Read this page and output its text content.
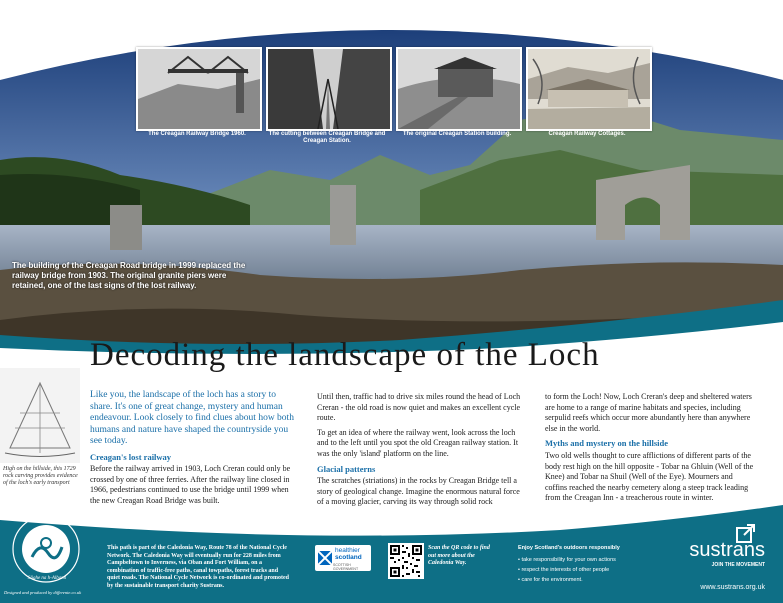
The Creagan Railway Bridge 1960.	The cutting between Creagan Bridge and Creagan Station.
The original Creagan Station building.	Creagan Railway Cottages.
The building of the Creagan Road bridge in 1999 replaced the railway bridge from 1903. The original granite piers were retained, one of the last signs of the lost railway.
High on the hillside, this 1729 rock carving provides evidence of the loch's early transport
Decoding the landscape of the Loch

Like you, the landscape of the loch has a story to share. It's one of great change, mystery and human endeavour. Look closely to find clues about how both humans and nature have shaped the countryside you see today.

Creagan's lost railway

Before the railway arrived in 1903, Loch Creran could only be crossed by one of three ferries. After the railway line closed in 1966, pedestrians continued to use the bridge until 1999 when the new Creagan Road Bridge was built.

Until then, traffic had to drive six miles round the head of Loch Creran - the old road is now quiet and makes an excellent cycle route.

To get an idea of where the railway went, look across the loch and to the left until you spot the old Creagan railway station. It was the only 'island' platform on the line.

Glacial patterns

The scratches (striations) in the rocks by Creagan Bridge tell a story of geological change. Imagine the enormous natural force of a moving glacier, carving its way through solid rock

to form the Loch! Now, Loch Creran's deep and sheltered waters are home to a range of marine habitats and species, including serpulid reefs which occur more abundantly here than anywhere else in the world.

Myths and mystery on the hillside

Two old wells thought to cure afflictions of different parts of the body rest high on the hill opposite - Tobar na Ghluin (Well of the Knee) and Tobar na Shuil (Well of the Eye). Mourners and coffins reached the nearby cemetery along a steep track leading from the Creagan Inn - a treacherous route in winter.

The Caledonia Way
Slighe na h-Albann
Designed and produced by differente.co.uk
This path is part of the Caledonia Way, Route 78 of the National Cycle Network. The Caledonia Way will eventually run for 228 miles from Campbeltown to Inverness, via Oban and Fort William, on a combination of traffic-free paths, canal towpaths, forest tracks and quiet roads. The National Cycle Network is co-ordinated and promoted by the sustainable transport charity Sustrans.
healthier
scotland
SCOTTISH GOVERNMENT
Scan the QR code to find out more about the Caledonia Way.
Enjoy Scotland's outdoors responsibly
• take responsibility for your own actions
• respect the interests of other people
• care for the environment.
sustrans
JOIN THE MOVEMENT
www.sustrans.org.uk
